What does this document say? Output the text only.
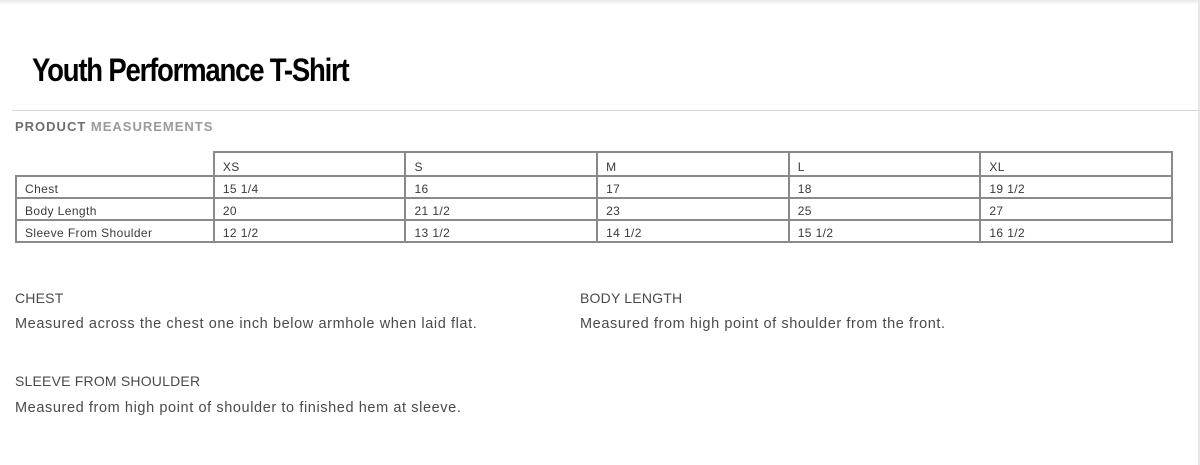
Youth Performance T-Shirt
PRODUCT MEASUREMENTS
	XS	S	M	L	XL
Chest	15 1/4	16	17	18	19 1/2
Body Length	20	21 1/2	23	25	27
Sleeve From Shoulder	12 1/2	13 1/2	14 1/2	15 1/2	16 1/2
CHEST
Measured across the chest one inch below armhole when laid flat.
BODY LENGTH
Measured from high point of shoulder from the front.
SLEEVE FROM SHOULDER
Measured from high point of shoulder to finished hem at sleeve.
